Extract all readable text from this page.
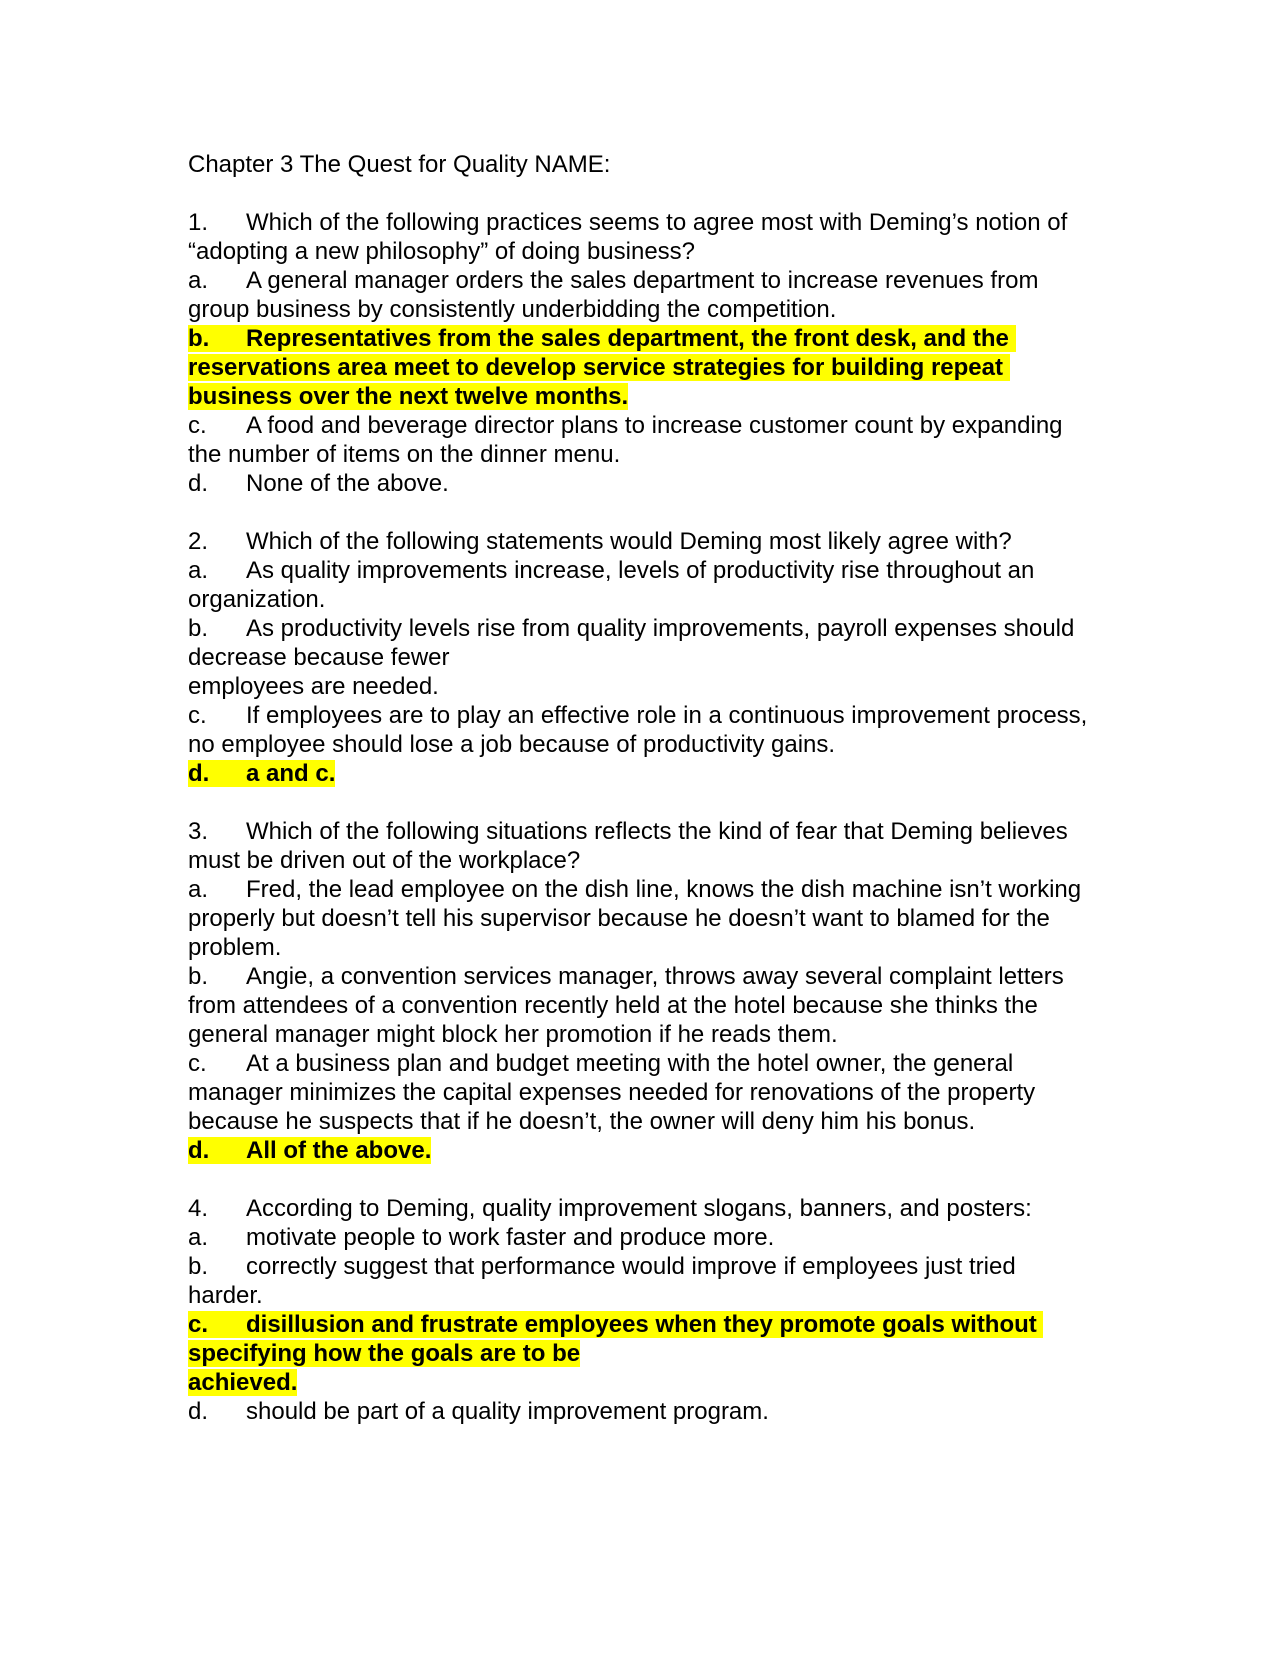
Chapter 3 The Quest for Quality NAME:
1. Which of the following practices seems to agree most with Deming’s notion of “adopting a new philosophy” of doing business?
a. A general manager orders the sales department to increase revenues from group business by consistently underbidding the competition.
b. Representatives from the sales department, the front desk, and the reservations area meet to develop service strategies for building repeat business over the next twelve months.
c. A food and beverage director plans to increase customer count by expanding the number of items on the dinner menu.
d. None of the above.
2. Which of the following statements would Deming most likely agree with?
a. As quality improvements increase, levels of productivity rise throughout an organization.
b. As productivity levels rise from quality improvements, payroll expenses should decrease because fewer
employees are needed.
c. If employees are to play an effective role in a continuous improvement process, no employee should lose a job because of productivity gains.
d. a and c.
3. Which of the following situations reflects the kind of fear that Deming believes must be driven out of the workplace?
a. Fred, the lead employee on the dish line, knows the dish machine isn’t working properly but doesn’t tell his supervisor because he doesn’t want to blamed for the problem.
b. Angie, a convention services manager, throws away several complaint letters from attendees of a convention recently held at the hotel because she thinks the general manager might block her promotion if he reads them.
c. At a business plan and budget meeting with the hotel owner, the general manager minimizes the capital expenses needed for renovations of the property because he suspects that if he doesn’t, the owner will deny him his bonus.
d. All of the above.
4. According to Deming, quality improvement slogans, banners, and posters:
a. motivate people to work faster and produce more.
b. correctly suggest that performance would improve if employees just tried harder.
c. disillusion and frustrate employees when they promote goals without specifying how the goals are to be
achieved.
d. should be part of a quality improvement program.
